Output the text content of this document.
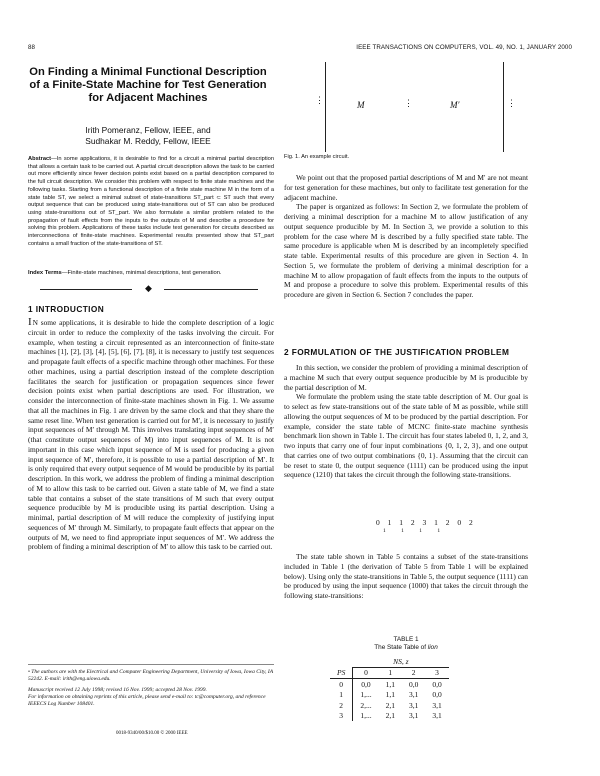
88	IEEE TRANSACTIONS ON COMPUTERS, VOL. 49, NO. 1, JANUARY 2000
On Finding a Minimal Functional Description of a Finite-State Machine for Test Generation for Adjacent Machines
Irith Pomeranz, Fellow, IEEE, and
Sudhakar M. Reddy, Fellow, IEEE
Abstract—In some applications, it is desirable to find for a circuit a minimal partial description that allows a certain task to be carried out. A partial circuit description allows the task to be carried out more efficiently since fewer decision points exist based on a partial description compared to the full circuit description. We consider this problem with respect to finite state machines and the following tasks. Starting from a functional description of a finite state machine M in the form of a state table ST, we select a minimal subset of state-transitions ST_part ⊂ ST such that every output sequence that can be produced using state-transitions out of ST can also be produced using state-transitions out of ST_part. We also formulate a similar problem related to the propagation of fault effects from the inputs to the outputs of M and describe a procedure for solving this problem. Applications of these tasks include test generation for circuits described as interconnections of finite-state machines. Experimental results presented show that ST_part contains a small fraction of the state-transitions of ST.
Index Terms—Finite-state machines, minimal descriptions, test generation.
◆
1 INTRODUCTION

I N some applications, it is desirable to hide the complete description of a logic circuit in order to reduce the complexity of the tasks involving the circuit. For example, when testing a circuit represented as an interconnection of finite-state machines [1], [2], [3], [4], [5], [6], [7], [8], it is necessary to justify test sequences and propagate fault effects of a specific machine through other machines. For these other machines, using a partial description instead of the complete description facilitates the search for justification or propagation sequences since fewer decision points exist when partial descriptions are used. For illustration, we consider the interconnection of finite-state machines shown in Fig. 1. We assume that all the machines in Fig. 1 are driven by the same clock and that they share the same reset line. When test generation is carried out for M′, it is necessary to justify input sequences of M′ through M. This involves translating input sequences of M′ (that constitute output sequences of M) into input sequences of M. It is not important in this case which input sequence of M is used for producing a given input sequence of M′, therefore, it is possible to use a partial description of M′. It is only required that every output sequence of M would be producible by its partial description. In this work, we address the problem of finding a minimal description of M to allow this task to be carried out. Given a state table of M, we find a state table that contains a subset of the state transitions of M such that every output sequence producible by M is producible using its partial description. Using a minimal, partial description of M will reduce the complexity of justifying input sequences of M′ through M. Similarly, to propagate fault effects that appear on the outputs of M, we need to find appropriate input sequences of M′. We address the problem of finding a minimal description of M′ to allow this task to be carried out.

• The authors are with the Electrical and Computer Engineering Department, University of Iowa, Iowa City, IA 52242. E-mail: irith@eng.uiowa.edu.
Manuscript received 12 July 1998; revised 16 Nov. 1999; accepted 28 Nov. 1999.
For information on obtaining reprints of this article, please send e-mail to: tc@computer.org, and reference IEEECS Log Number 108401.
0018-9340/00/$10.00 © 2000 IEEE
⋮	M	⋮	M′	⋮
Fig. 1. An example circuit.

We point out that the proposed partial descriptions of M and M′ are not meant for test generation for these machines, but only to facilitate test generation for the adjacent machine.

The paper is organized as follows: In Section 2, we formulate the problem of deriving a minimal description for a machine M to allow justification of any output sequence producible by M. In Section 3, we provide a solution to this problem for the case where M is described by a fully specified state table. The same procedure is applicable when M is described by an incompletely specified state table. Experimental results of this procedure are given in Section 4. In Section 5, we formulate the problem of deriving a minimal description for a machine M to allow propagation of fault effects from the inputs to the outputs of M and propose a procedure to solve this problem. Experimental results of this procedure are given in Section 6. Section 7 concludes the paper.

2 FORMULATION OF THE JUSTIFICATION PROBLEM

In this section, we consider the problem of providing a minimal description of a machine M such that every output sequence producible by M is producible by the partial description of M.

We formulate the problem using the state table description of M. Our goal is to select as few state-transitions out of the state table of M as possible, while still allowing the output sequences of M to be produced by the partial description. For example, consider the state table of MCNC finite-state machine synthesis benchmark lion shown in Table 1. The circuit has four states labeled 0, 1, 2, and 3, two inputs that carry one of four input combinations {0, 1, 2, 3}, and one output that carries one of two output combinations {0, 1}. Assuming that the circuit can be reset to state 0, the output sequence (1111) can be produced using the input sequence (1210) that takes the circuit through the following state-transitions.

0 1 1 2 3 1 2 0 2
1 1 1 1

The state table shown in Table 5 contains a subset of the state-transitions included in Table 1 (the derivation of Table 5 from Table 1 will be explained below). Using only the state-transitions in Table 5, the output sequence (1111) can be produced by using the input sequence (1000) that takes the circuit through the following state-transitions:

TABLE 1
The State Table of lion
	NS, z			
PS	0	1	2	3
0	0,0	1,1	0,0	0,0
1	1,...	1,1	3,1	0,0
2	2,...	2,1	3,1	3,1
3	1,...	2,1	3,1	3,1
